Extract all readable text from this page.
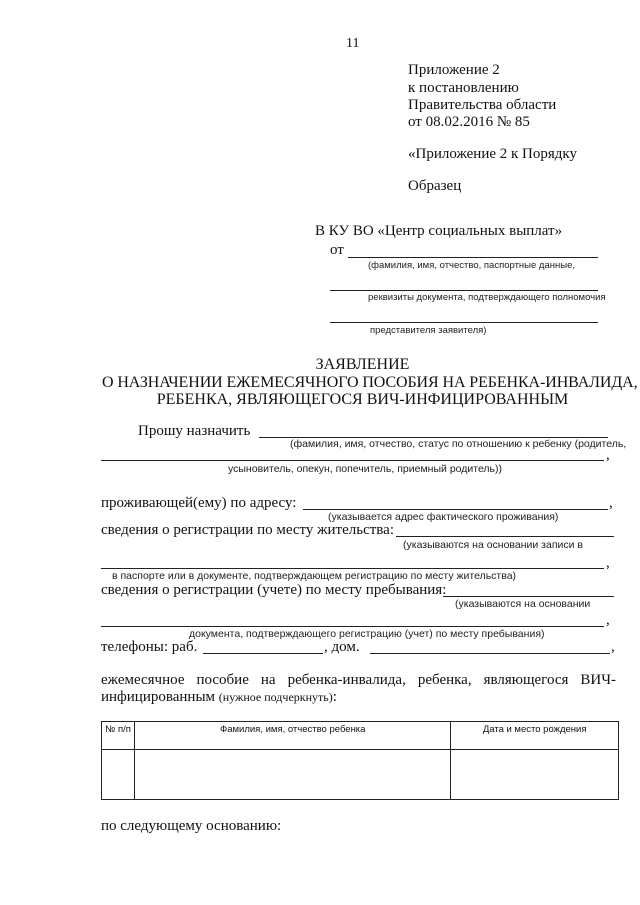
11
Приложение 2
к постановлению
Правительства области
от 08.02.2016 № 85
«Приложение 2 к Порядку
Образец
В КУ ВО «Центр социальных выплат»
от
(фамилия, имя, отчество, паспортные данные,
реквизиты документа, подтверждающего полномочия
представителя заявителя)
ЗАЯВЛЕНИЕ
О НАЗНАЧЕНИИ ЕЖЕМЕСЯЧНОГО ПОСОБИЯ НА РЕБЕНКА-ИНВАЛИДА,
РЕБЕНКА, ЯВЛЯЮЩЕГОСЯ ВИЧ-ИНФИЦИРОВАННЫМ
Прошу назначить
(фамилия, имя, отчество, статус по отношению к ребенку (родитель,
,
усыновитель, опекун, попечитель, приемный родитель))
проживающей(ему) по адресу:	,
(указывается адрес фактического проживания)
сведения о регистрации по месту жительства:
(указываются на основании записи в
,
в паспорте или в документе, подтверждающем регистрацию по месту жительства)
сведения о регистрации (учете) по месту пребывания:
(указываются на основании
,
документа, подтверждающего регистрацию (учет) по месту пребывания)
телефоны: раб.	, дом.	,
ежемесячное пособие на ребенка-инвалида, ребенка, являющегося ВИЧ-
инфицированным (нужное подчеркнуть):
№ п/п	Фамилия, имя, отчество ребенка	Дата и место рождения

по следующему основанию:
